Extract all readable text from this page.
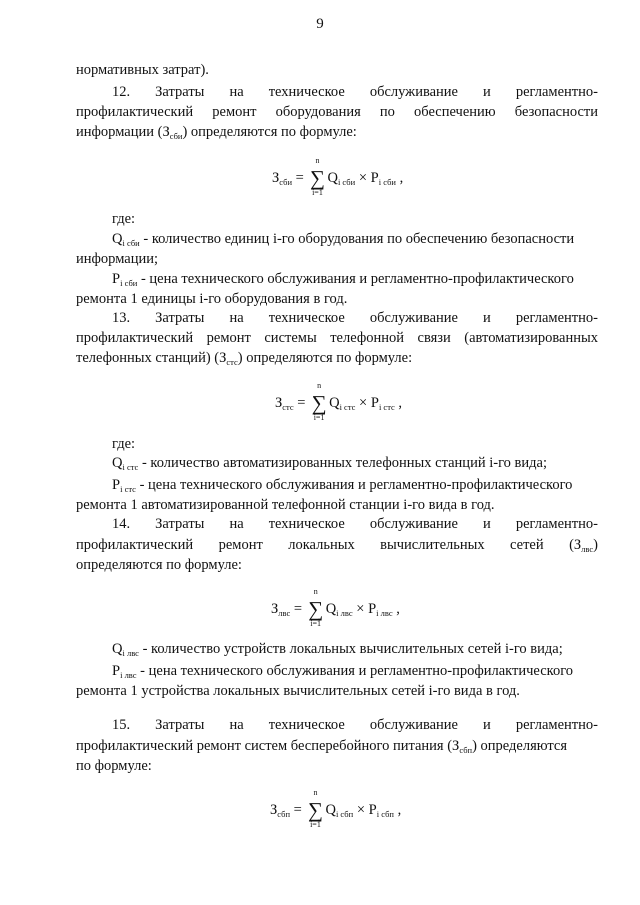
9
нормативных затрат).
12. Затраты на техническое обслуживание и регламентно-
профилактический ремонт оборудования по обеспечению безопасности
информации $(З_{сби})$ определяются по формуле:
$З_{сби}$ =
n
∑
i=1
$Q_{i сби} \times P_{i сби}$ ,
где:
$Q_{i сби}$ - количество единиц i-го оборудования по обеспечению безопасности
информации;
$P_{i сби}$ - цена технического обслуживания и регламентно-профилактического
ремонта 1 единицы i-го оборудования в год.
13. Затраты на техническое обслуживание и регламентно-
профилактический ремонт системы телефонной связи (автоматизированных
телефонных станций) $(З_{стс})$ определяются по формуле:
$З_{стс}$ =
n
∑
i=1
$Q_{i стс} \times P_{i стс}$ ,
где:
$Q_{i стс}$ - количество автоматизированных телефонных станций i-го вида;
$P_{i стс}$ - цена технического обслуживания и регламентно-профилактического
ремонта 1 автоматизированной телефонной станции i-го вида в год.
14. Затраты на техническое обслуживание и регламентно-
профилактический ремонт локальных вычислительных сетей $(З_{лвс})$
определяются по формуле:
$З_{лвс}$ =
n
∑
i=1
$Q_{i лвс} \times P_{i лвс}$ ,
$Q_{i лвс}$ - количество устройств локальных вычислительных сетей i-го вида;
$P_{i лвс}$ - цена технического обслуживания и регламентно-профилактического
ремонта 1 устройства локальных вычислительных сетей i-го вида в год.
15. Затраты на техническое обслуживание и регламентно-
профилактический ремонт систем бесперебойного питания $(З_{сбп})$ определяются
по формуле:
$З_{сбп}$ =
n
∑
i=1
$Q_{i сбп} \times P_{i сбп}$ ,
